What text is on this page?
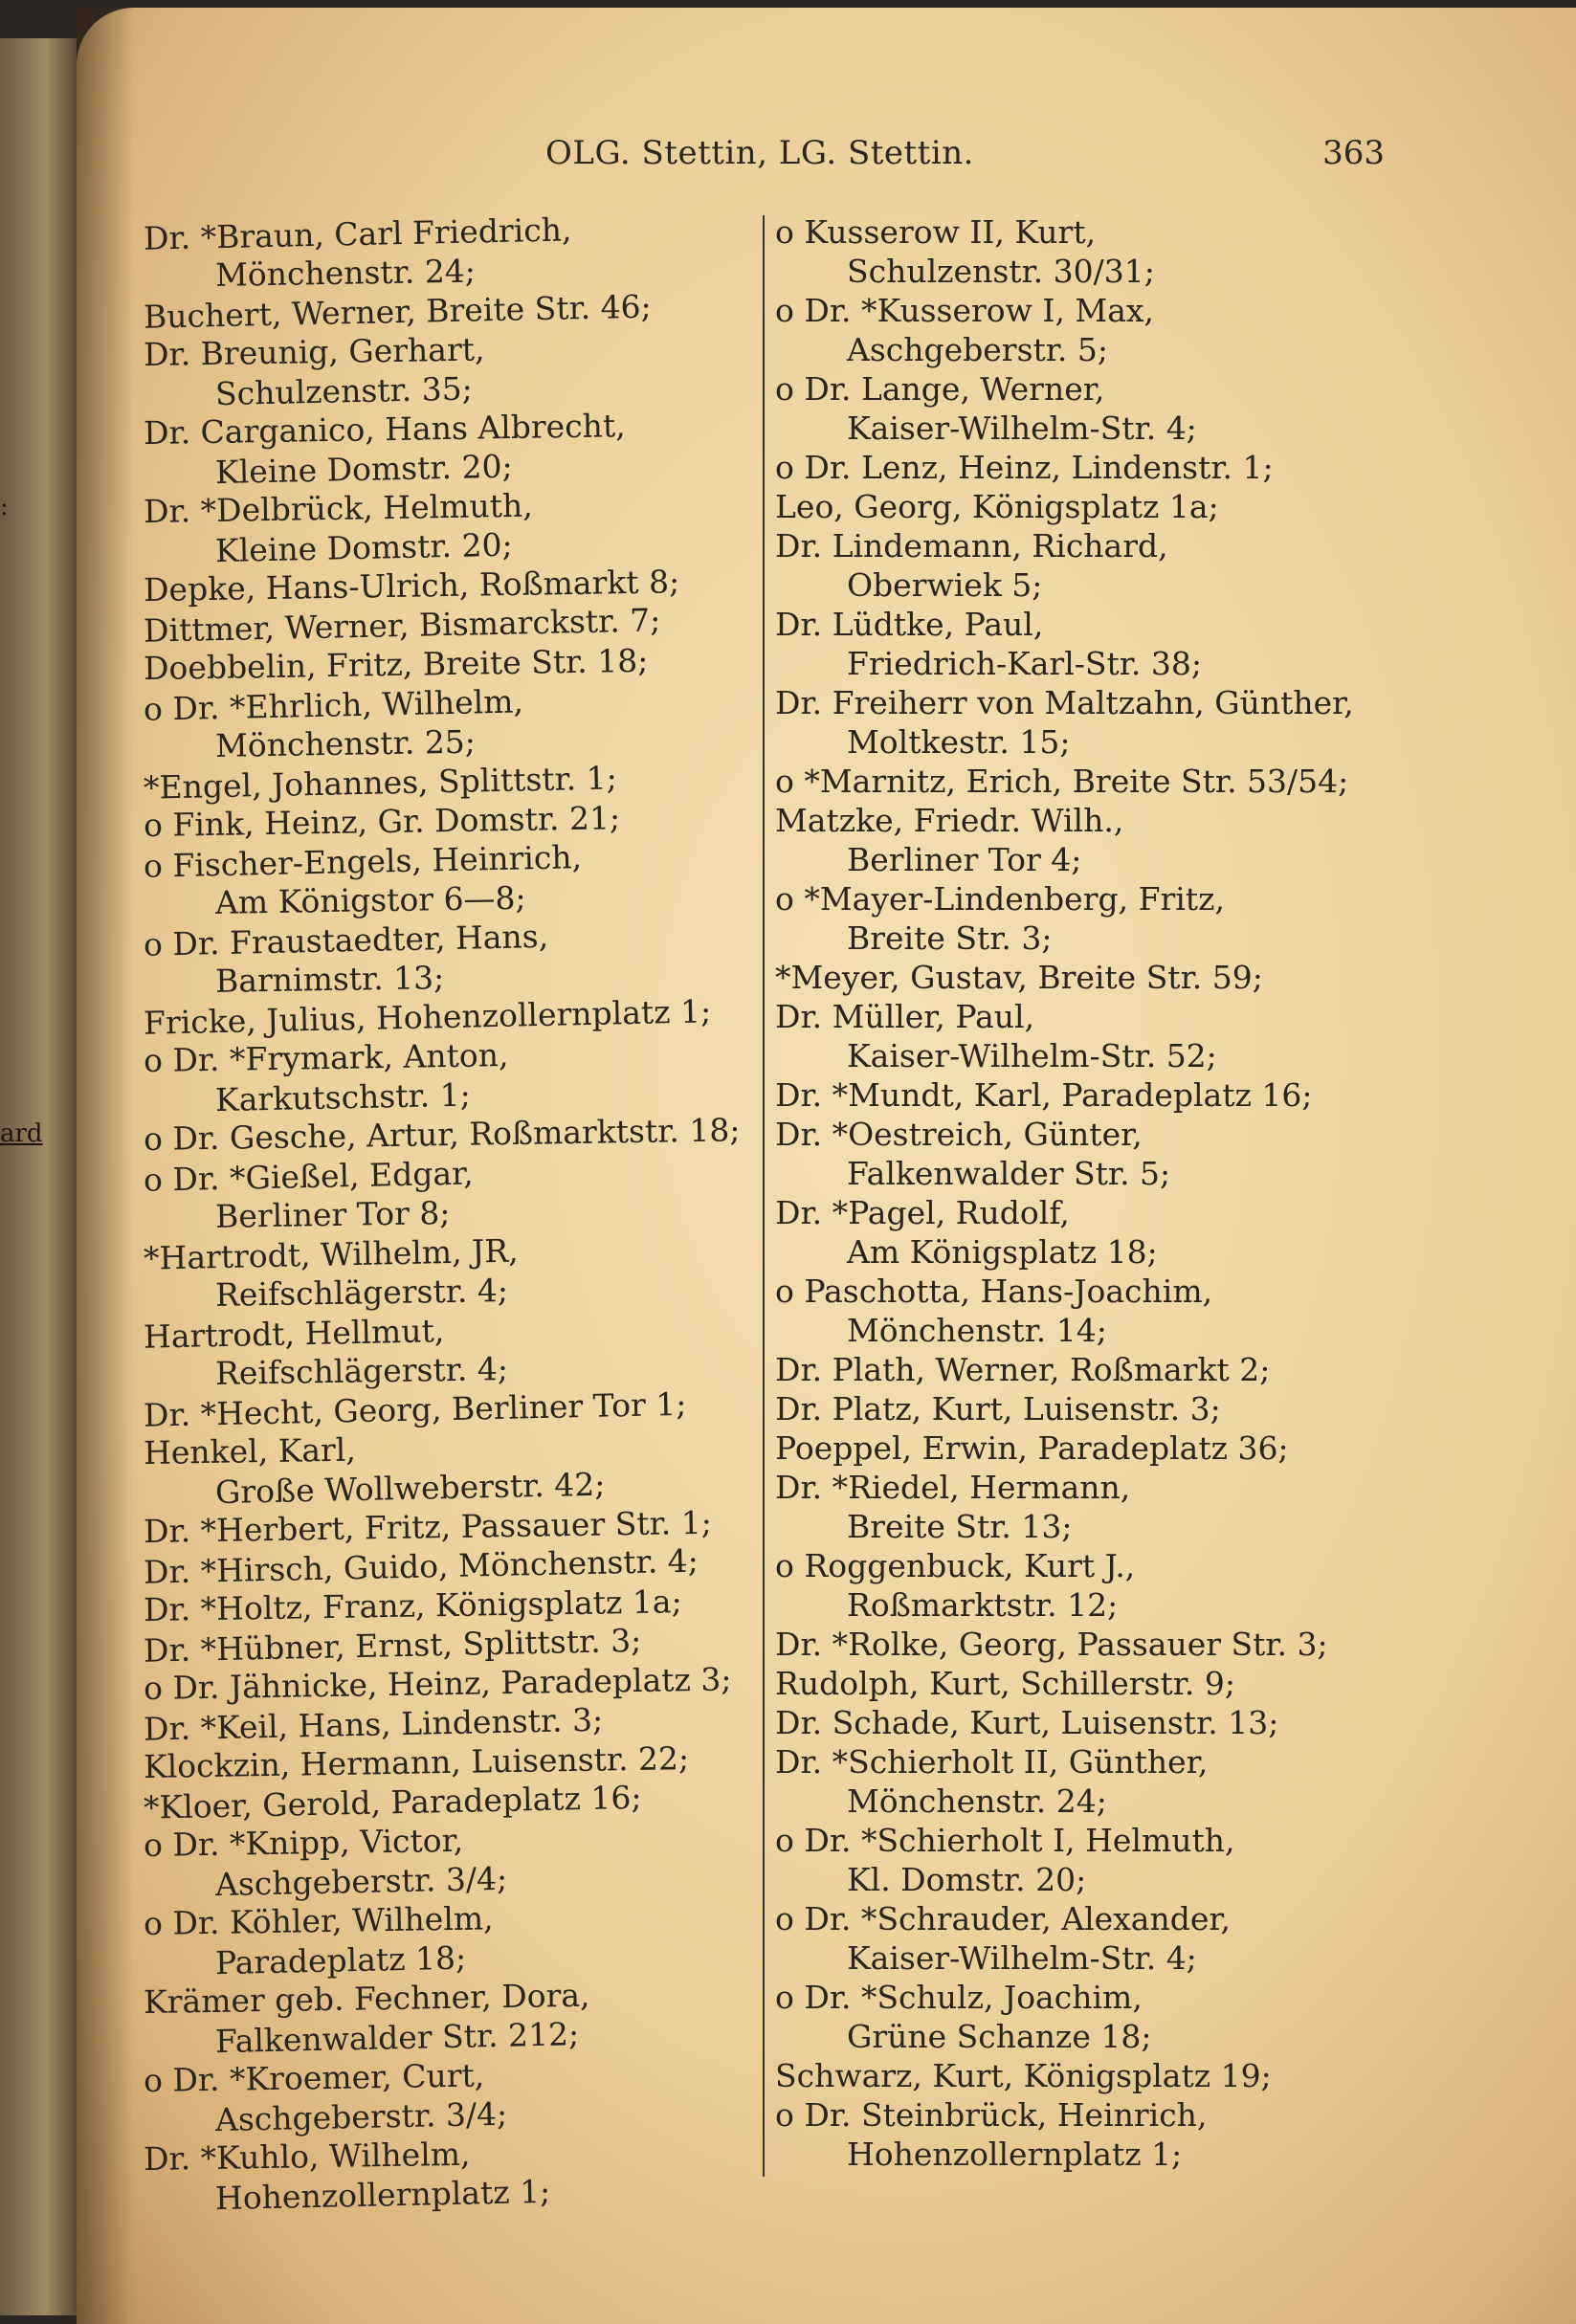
:
ard
OLG. Stettin, LG. Stettin.	363
Dr. *Braun, Carl Friedrich,
Mönchenstr. 24;
Buchert, Werner, Breite Str. 46;
Dr. Breunig, Gerhart,
Schulzenstr. 35;
Dr. Carganico, Hans Albrecht,
Kleine Domstr. 20;
Dr. *Delbrück, Helmuth,
Kleine Domstr. 20;
Depke, Hans-Ulrich, Roßmarkt 8;
Dittmer, Werner, Bismarckstr. 7;
Doebbelin, Fritz, Breite Str. 18;
o Dr. *Ehrlich, Wilhelm,
Mönchenstr. 25;
*Engel, Johannes, Splittstr. 1;
o Fink, Heinz, Gr. Domstr. 21;
o Fischer-Engels, Heinrich,
Am Königstor 6—8;
o Dr. Fraustaedter, Hans,
Barnimstr. 13;
Fricke, Julius, Hohenzollernplatz 1;
o Dr. *Frymark, Anton,
Karkutschstr. 1;
o Dr. Gesche, Artur, Roßmarktstr. 18;
o Dr. *Gießel, Edgar,
Berliner Tor 8;
*Hartrodt, Wilhelm, JR,
Reifschlägerstr. 4;
Hartrodt, Hellmut,
Reifschlägerstr. 4;
Dr. *Hecht, Georg, Berliner Tor 1;
Henkel, Karl,
Große Wollweberstr. 42;
Dr. *Herbert, Fritz, Passauer Str. 1;
Dr. *Hirsch, Guido, Mönchenstr. 4;
Dr. *Holtz, Franz, Königsplatz 1a;
Dr. *Hübner, Ernst, Splittstr. 3;
o Dr. Jähnicke, Heinz, Paradeplatz 3;
Dr. *Keil, Hans, Lindenstr. 3;
Klockzin, Hermann, Luisenstr. 22;
*Kloer, Gerold, Paradeplatz 16;
o Dr. *Knipp, Victor,
Aschgeberstr. 3/4;
o Dr. Köhler, Wilhelm,
Paradeplatz 18;
Krämer geb. Fechner, Dora,
Falkenwalder Str. 212;
o Dr. *Kroemer, Curt,
Aschgeberstr. 3/4;
Dr. *Kuhlo, Wilhelm,
Hohenzollernplatz 1;
o Kusserow II, Kurt,
Schulzenstr. 30/31;
o Dr. *Kusserow I, Max,
Aschgeberstr. 5;
o Dr. Lange, Werner,
Kaiser-Wilhelm-Str. 4;
o Dr. Lenz, Heinz, Lindenstr. 1;
Leo, Georg, Königsplatz 1a;
Dr. Lindemann, Richard,
Oberwiek 5;
Dr. Lüdtke, Paul,
Friedrich-Karl-Str. 38;
Dr. Freiherr von Maltzahn, Günther,
Moltkestr. 15;
o *Marnitz, Erich, Breite Str. 53/54;
Matzke, Friedr. Wilh.,
Berliner Tor 4;
o *Mayer-Lindenberg, Fritz,
Breite Str. 3;
*Meyer, Gustav, Breite Str. 59;
Dr. Müller, Paul,
Kaiser-Wilhelm-Str. 52;
Dr. *Mundt, Karl, Paradeplatz 16;
Dr. *Oestreich, Günter,
Falkenwalder Str. 5;
Dr. *Pagel, Rudolf,
Am Königsplatz 18;
o Paschotta, Hans-Joachim,
Mönchenstr. 14;
Dr. Plath, Werner, Roßmarkt 2;
Dr. Platz, Kurt, Luisenstr. 3;
Poeppel, Erwin, Paradeplatz 36;
Dr. *Riedel, Hermann,
Breite Str. 13;
o Roggenbuck, Kurt J.,
Roßmarktstr. 12;
Dr. *Rolke, Georg, Passauer Str. 3;
Rudolph, Kurt, Schillerstr. 9;
Dr. Schade, Kurt, Luisenstr. 13;
Dr. *Schierholt II, Günther,
Mönchenstr. 24;
o Dr. *Schierholt I, Helmuth,
Kl. Domstr. 20;
o Dr. *Schrauder, Alexander,
Kaiser-Wilhelm-Str. 4;
o Dr. *Schulz, Joachim,
Grüne Schanze 18;
Schwarz, Kurt, Königsplatz 19;
o Dr. Steinbrück, Heinrich,
Hohenzollernplatz 1;
